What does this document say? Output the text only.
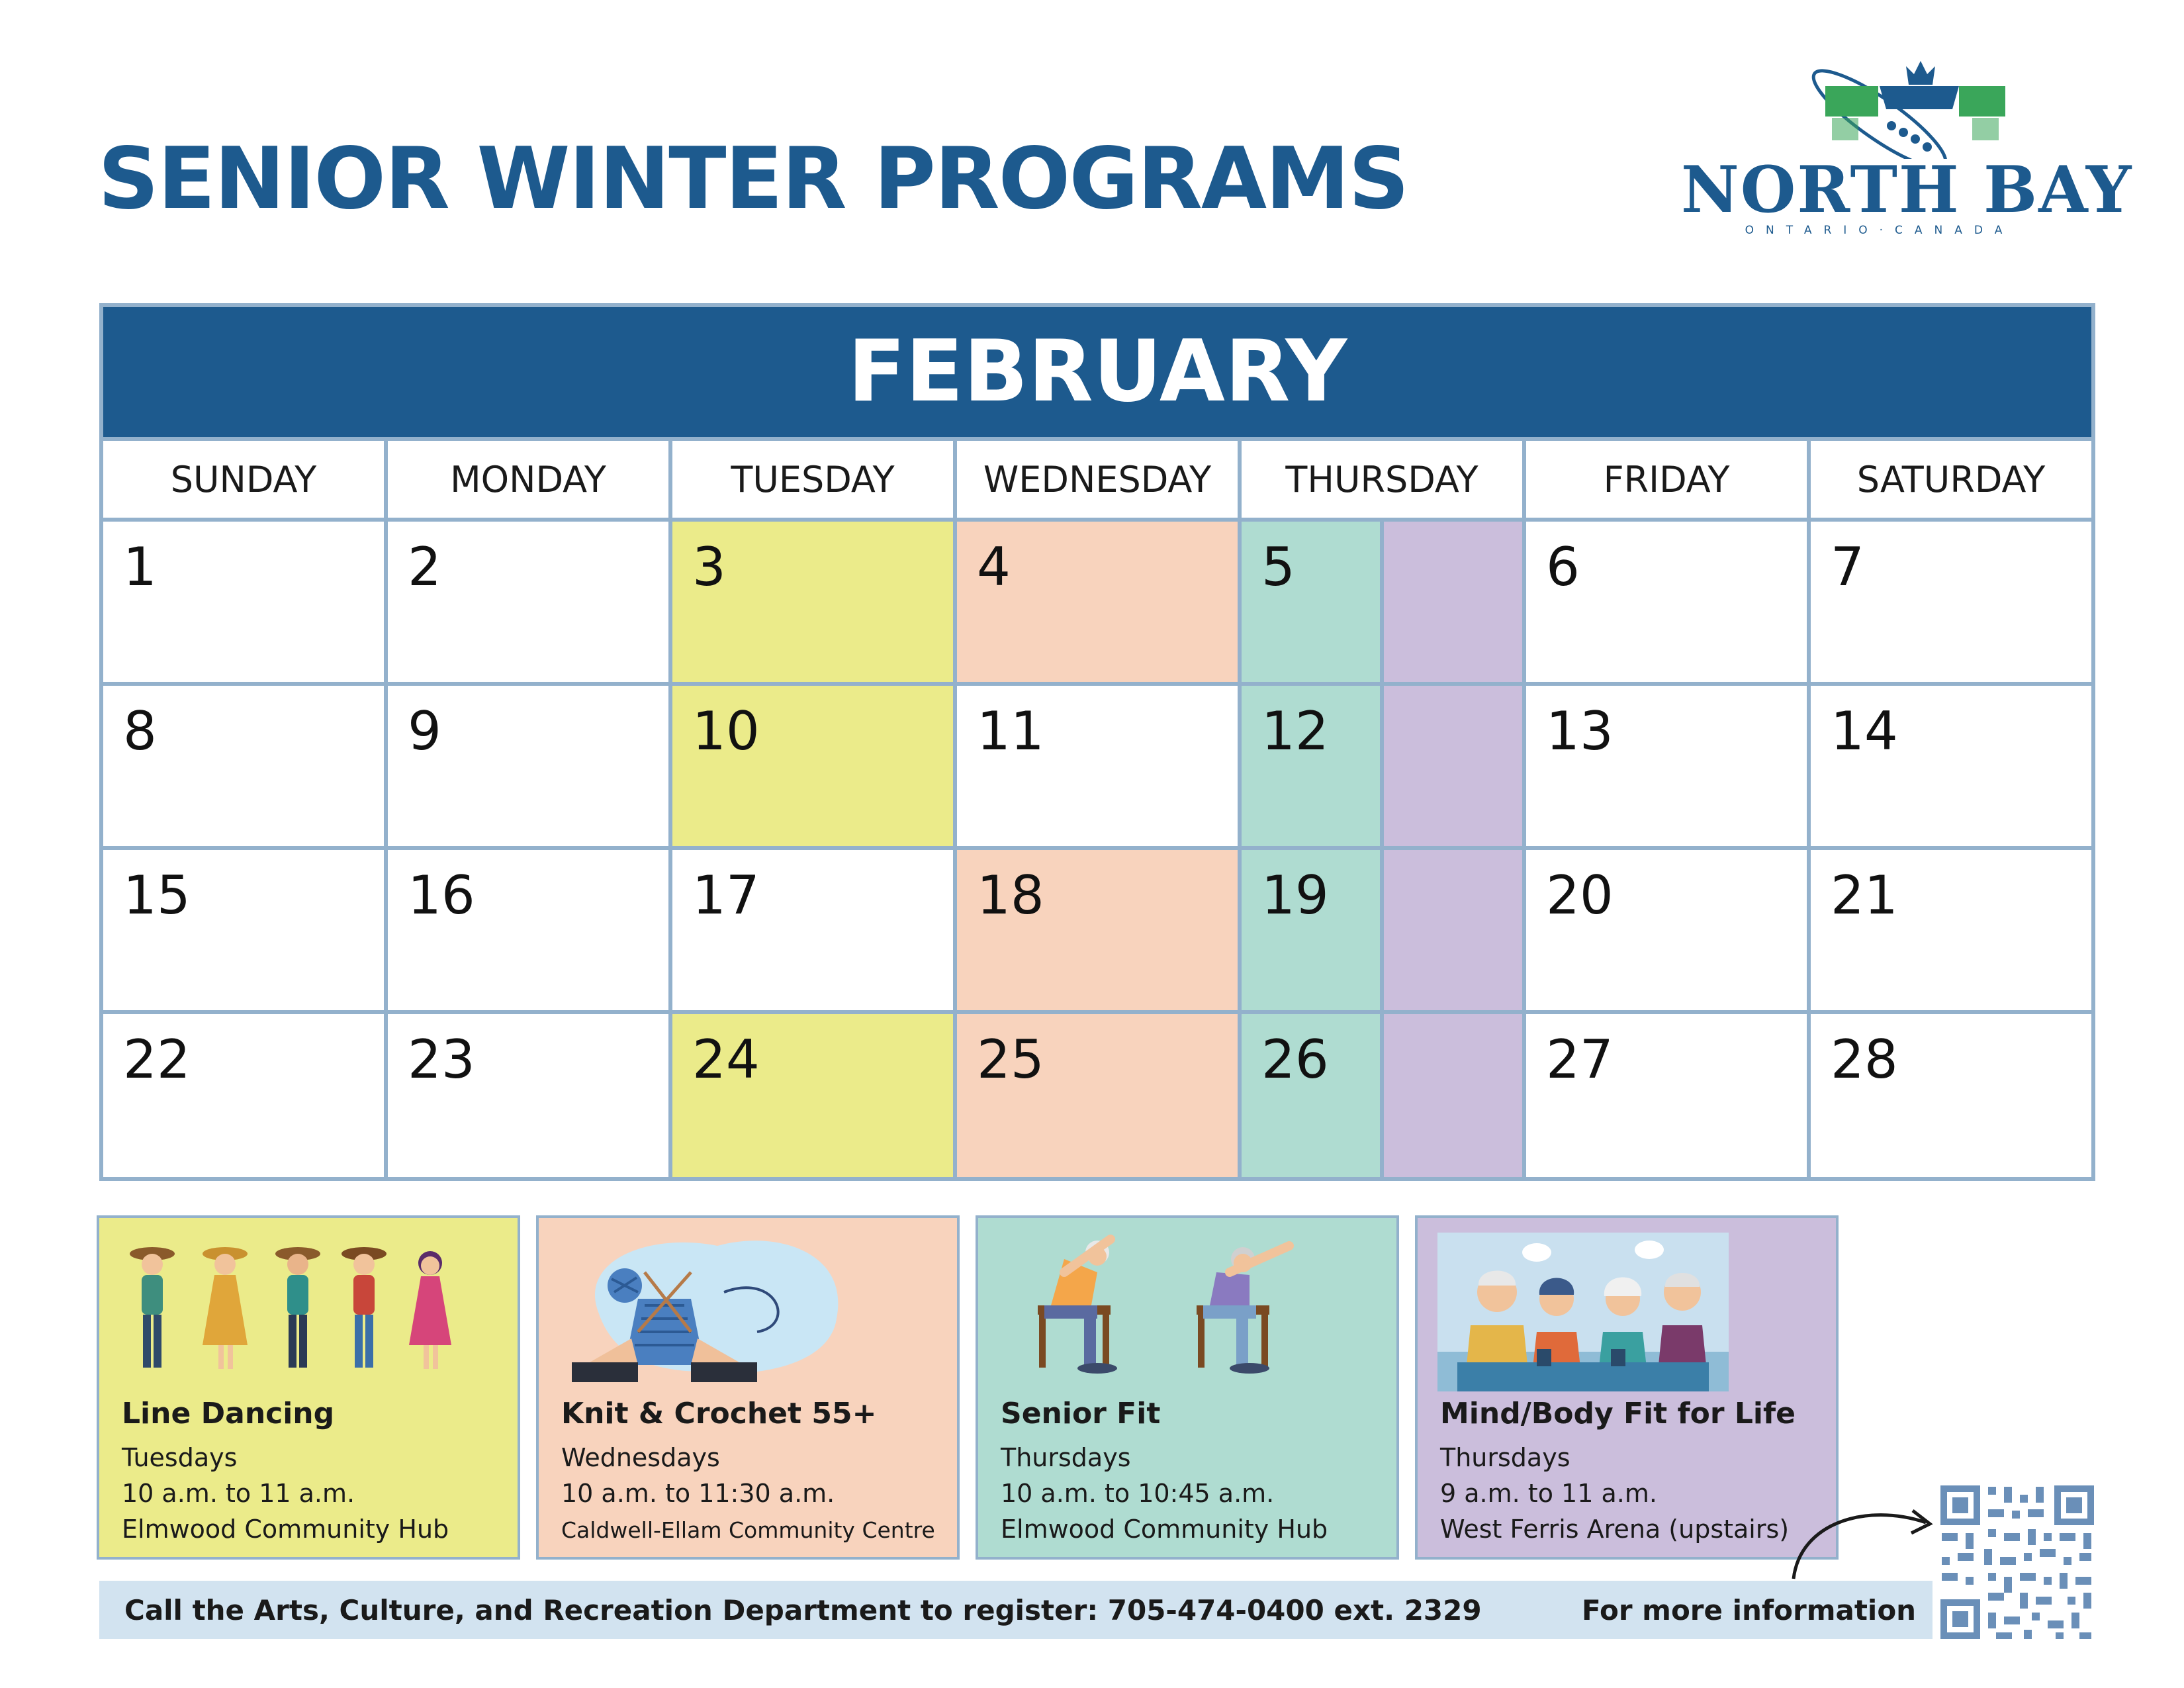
SENIOR WINTER PROGRAMS	NORTH BAY
ONTARIO·CANADA
FEBRUARY
SUNDAY	MONDAY	TUESDAY	WEDNESDAY	THURSDAY	FRIDAY	SATURDAY
1	2	3	4	5	6	7
8	9	10	11	12	13	14
15	16	17	18	19	20	21
22	23	24	25	26	27	28
Line Dancing
Tuesdays
10 a.m. to 11 a.m.
Elmwood Community Hub
Knit & Crochet 55+
Wednesdays
10 a.m. to 11:30 a.m.
Caldwell-Ellam Community Centre
Senior Fit
Thursdays
10 a.m. to 10:45 a.m.
Elmwood Community Hub
Mind/Body Fit for Life
Thursdays
9 a.m. to 11 a.m.
West Ferris Arena (upstairs)
Call the Arts, Culture, and Recreation Department to register: 705-474-0400 ext. 2329	For more information
